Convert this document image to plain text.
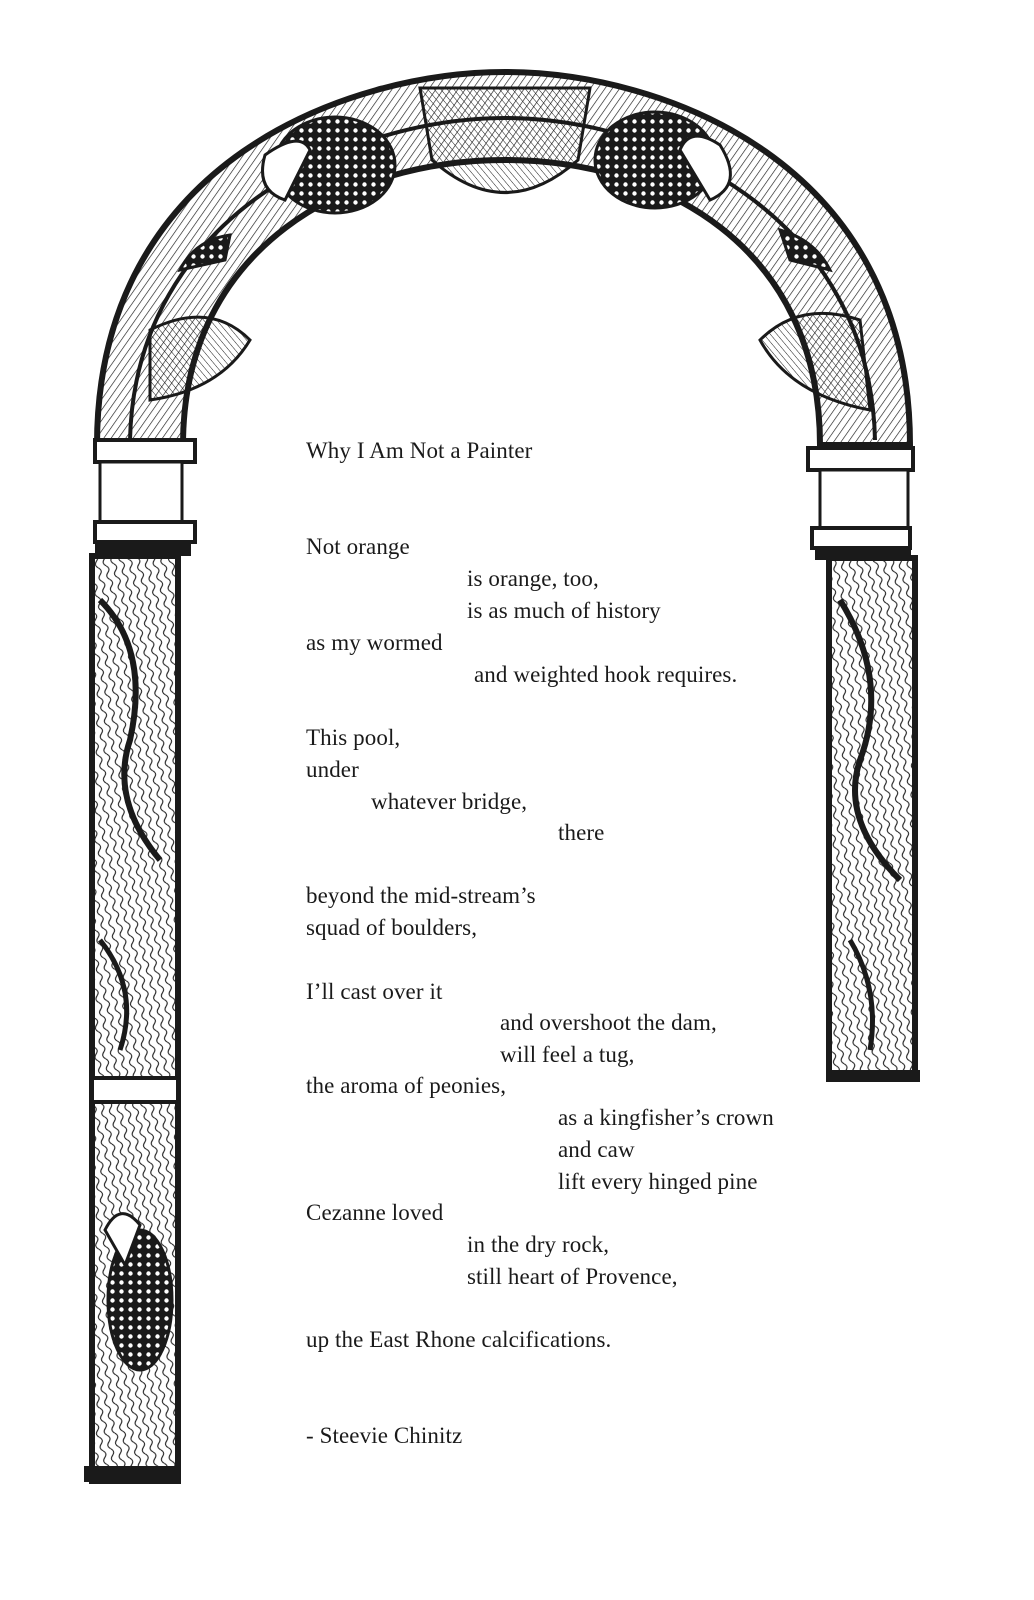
Why I Am Not a Painter
Not orange
is orange, too,
is as much of history
as my wormed
and weighted hook requires.
This pool,
under
whatever bridge,
there
beyond the mid-stream’s
squad of boulders,
I’ll cast over it
and overshoot the dam,
will feel a tug,
the aroma of peonies,
as a kingfisher’s crown
and caw
lift every hinged pine
Cezanne loved
in the dry rock,
still heart of Provence,
up the East Rhone calcifications.
- Steevie Chinitz
